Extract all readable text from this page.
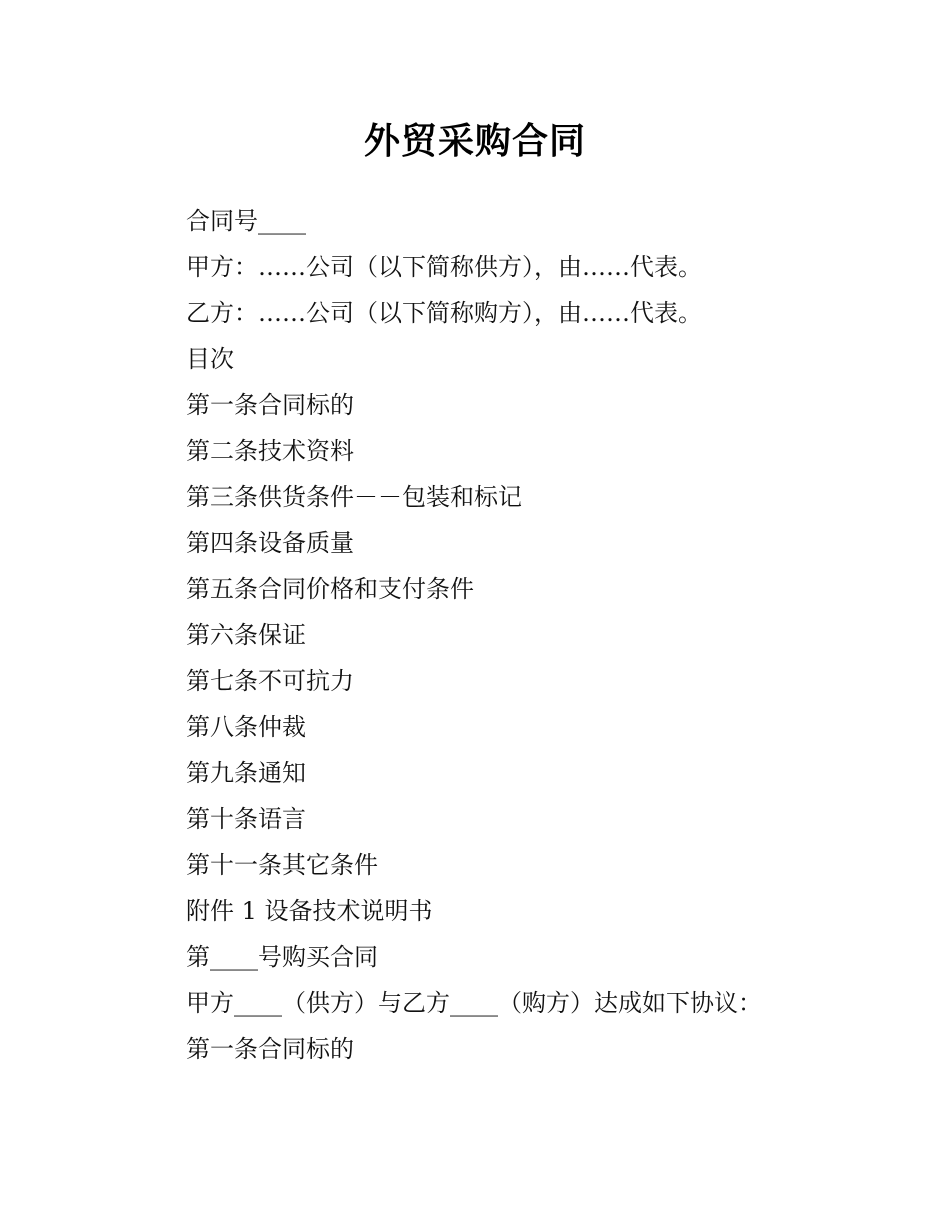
外贸采购合同
合同号____
甲方：……公司（以下简称供方），由……代表。
乙方：……公司（以下简称购方），由……代表。
目次
第一条合同标的
第二条技术资料
第三条供货条件－－包装和标记
第四条设备质量
第五条合同价格和支付条件
第六条保证
第七条不可抗力
第八条仲裁
第九条通知
第十条语言
第十一条其它条件
附件 1 设备技术说明书
第____号购买合同
甲方____（供方）与乙方____（购方）达成如下协议：
第一条合同标的
